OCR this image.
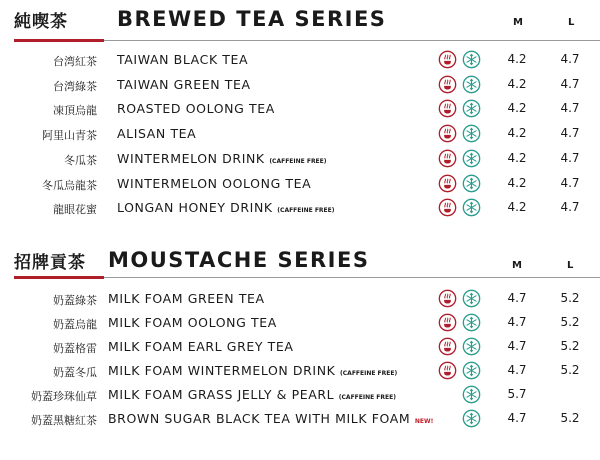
純喫茶 BREWED TEA SERIES	M	L
台湾紅茶 TAIWAN BLACK TEA	4.2	4.7
台湾綠茶 TAIWAN GREEN TEA	4.2	4.7
凍頂烏龍 ROASTED OOLONG TEA	4.2	4.7
阿里山青茶 ALISAN TEA	4.2	4.7
冬瓜茶 WINTERMELON DRINK (CAFFEINE FREE)	4.2	4.7
冬瓜烏龍茶 WINTERMELON OOLONG TEA	4.2	4.7
龍眼花蜜 LONGAN HONEY DRINK (CAFFEINE FREE)	4.2	4.7
招牌貢茶 MOUSTACHE SERIES	M	L
奶蓋綠茶 MILK FOAM GREEN TEA	4.7	5.2
奶蓋烏龍 MILK FOAM OOLONG TEA	4.7	5.2
奶蓋格雷 MILK FOAM EARL GREY TEA	4.7	5.2
奶蓋冬瓜 MILK FOAM WINTERMELON DRINK (CAFFEINE FREE)	4.7	5.2
奶蓋珍珠仙草 MILK FOAM GRASS JELLY & PEARL (CAFFEINE FREE)	5.7
奶蓋黑糖紅茶 BROWN SUGAR BLACK TEA WITH MILK FOAM NEW!	4.7	5.2
